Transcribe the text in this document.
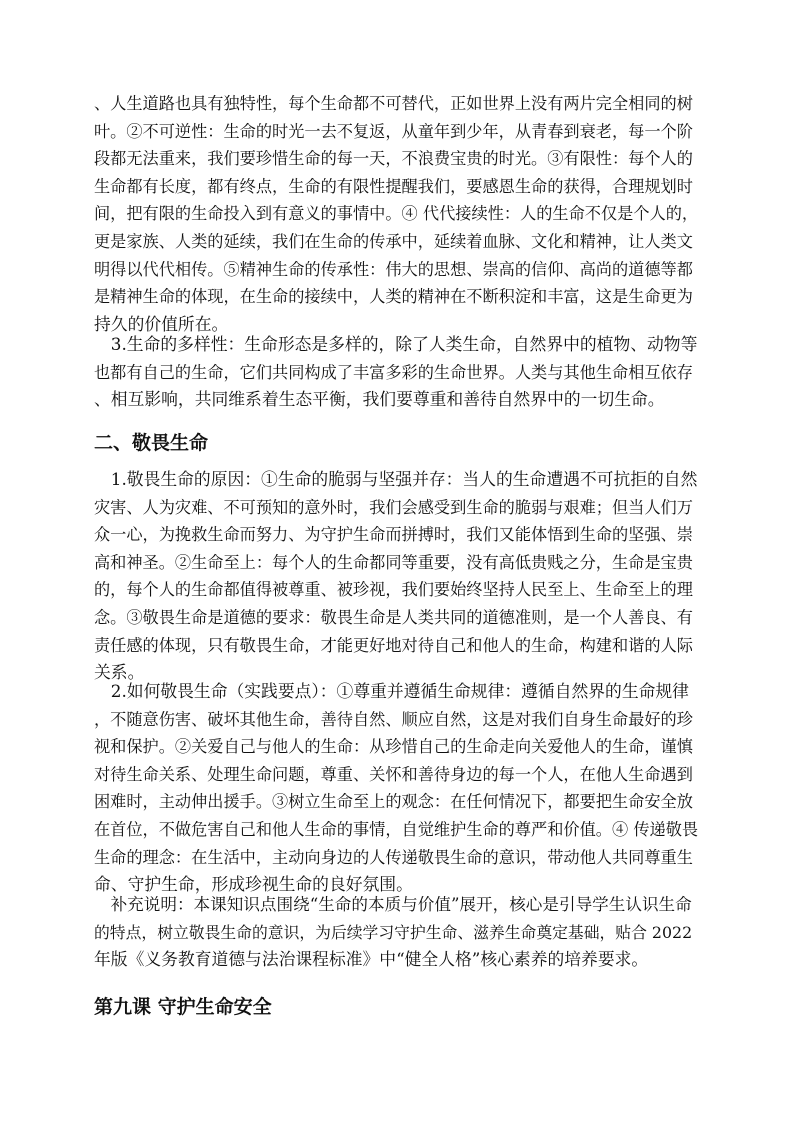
、人生道路也具有独特性，每个生命都不可替代，正如世界上没有两片完全相同的树
叶。②不可逆性：生命的时光一去不复返，从童年到少年，从青春到衰老，每一个阶
段都无法重来，我们要珍惜生命的每一天，不浪费宝贵的时光。③有限性：每个人的
生命都有长度，都有终点，生命的有限性提醒我们，要感恩生命的获得，合理规划时
间，把有限的生命投入到有意义的事情中。④ 代代接续性：人的生命不仅是个人的，
更是家族、人类的延续，我们在生命的传承中，延续着血脉、文化和精神，让人类文
明得以代代相传。⑤精神生命的传承性：伟大的思想、崇高的信仰、高尚的道德等都
是精神生命的体现，在生命的接续中，人类的精神在不断积淀和丰富，这是生命更为
持久的价值所在。
　3.生命的多样性：生命形态是多样的，除了人类生命，自然界中的植物、动物等
也都有自己的生命，它们共同构成了丰富多彩的生命世界。人类与其他生命相互依存
、相互影响，共同维系着生态平衡，我们要尊重和善待自然界中的一切生命。
二、敬畏生命
　1.敬畏生命的原因：①生命的脆弱与坚强并存：当人的生命遭遇不可抗拒的自然
灾害、人为灾难、不可预知的意外时，我们会感受到生命的脆弱与艰难；但当人们万
众一心，为挽救生命而努力、为守护生命而拼搏时，我们又能体悟到生命的坚强、崇
高和神圣。②生命至上：每个人的生命都同等重要，没有高低贵贱之分，生命是宝贵
的，每个人的生命都值得被尊重、被珍视，我们要始终坚持人民至上、生命至上的理
念。③敬畏生命是道德的要求：敬畏生命是人类共同的道德准则，是一个人善良、有
责任感的体现，只有敬畏生命，才能更好地对待自己和他人的生命，构建和谐的人际
关系。
　2.如何敬畏生命（实践要点）：①尊重并遵循生命规律：遵循自然界的生命规律
，不随意伤害、破坏其他生命，善待自然、顺应自然，这是对我们自身生命最好的珍
视和保护。②关爱自己与他人的生命：从珍惜自己的生命走向关爱他人的生命，谨慎
对待生命关系、处理生命问题，尊重、关怀和善待身边的每一个人，在他人生命遇到
困难时，主动伸出援手。③树立生命至上的观念：在任何情况下，都要把生命安全放
在首位，不做危害自己和他人生命的事情，自觉维护生命的尊严和价值。④ 传递敬畏
生命的理念：在生活中，主动向身边的人传递敬畏生命的意识，带动他人共同尊重生
命、守护生命，形成珍视生命的良好氛围。
　补充说明：本课知识点围绕“生命的本质与价值”展开，核心是引导学生认识生命
的特点，树立敬畏生命的意识，为后续学习守护生命、滋养生命奠定基础，贴合 2022
年版《义务教育道德与法治课程标准》中“健全人格”核心素养的培养要求。
第九课 守护生命安全
